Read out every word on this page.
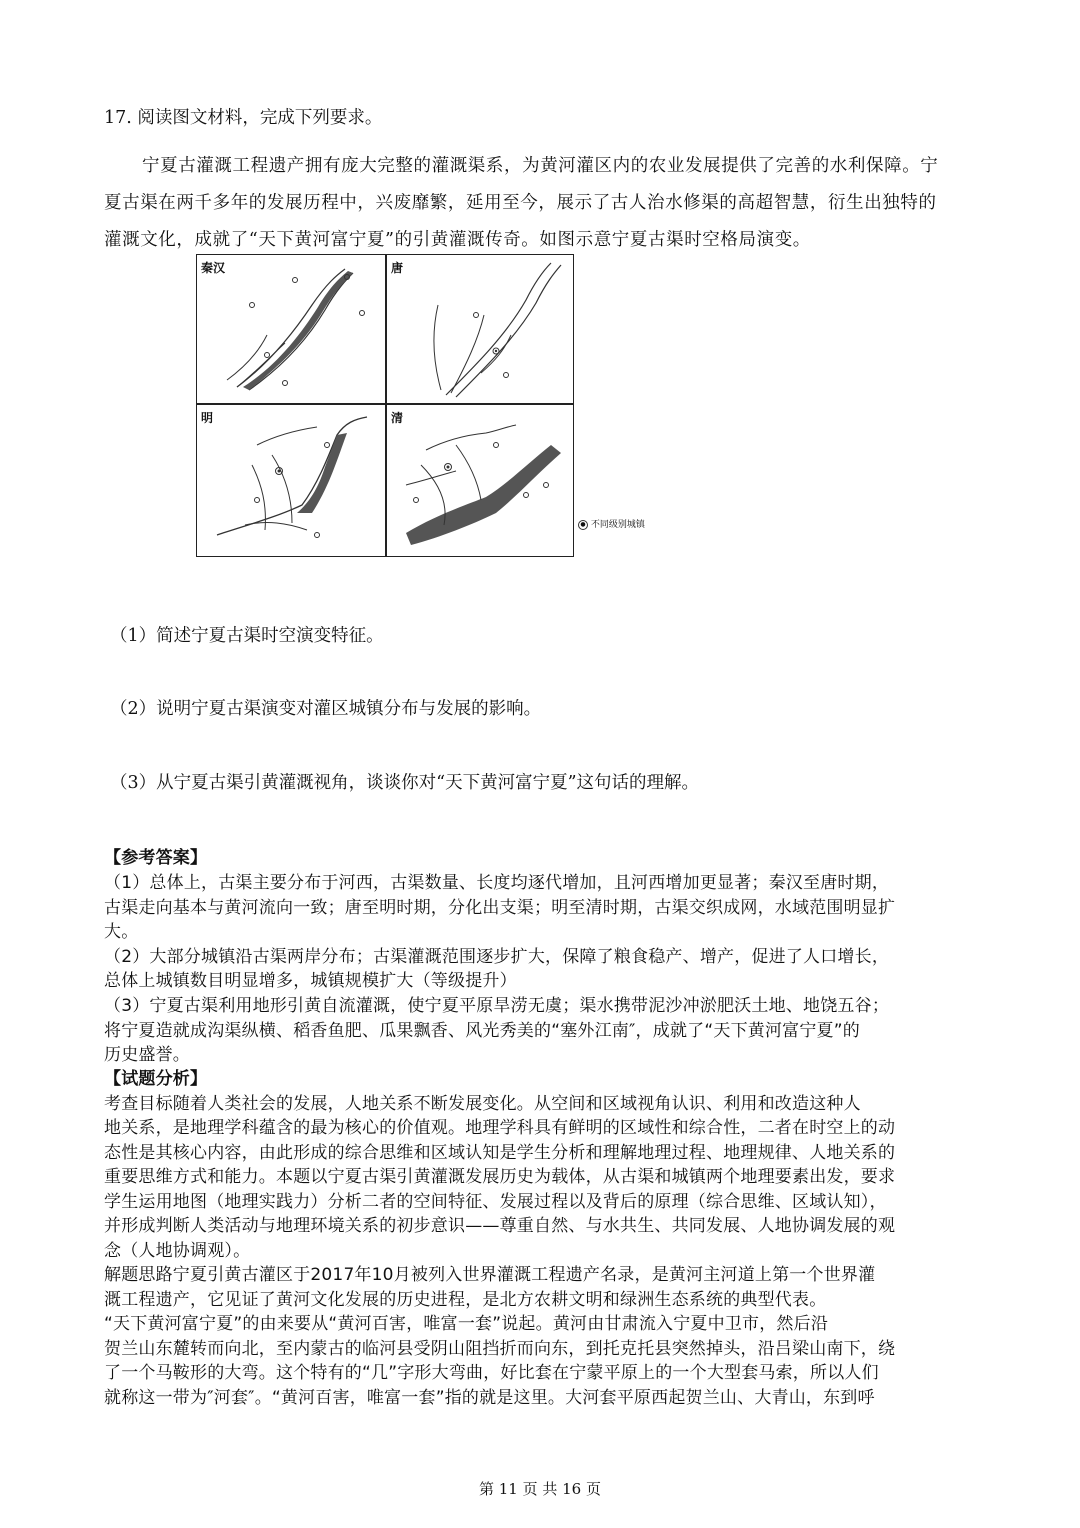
17. 阅读图文材料，完成下列要求。
宁夏古灌溉工程遗产拥有庞大完整的灌溉渠系，为黄河灌区内的农业发展提供了完善的水利保障。宁
夏古渠在两千多年的发展历程中，兴废靡繁，延用至今，展示了古人治水修渠的高超智慧，衍生出独特的
灌溉文化，成就了“天下黄河富宁夏”的引黄灌溉传奇。如图示意宁夏古渠时空格局演变。
秦汉	唐
明	清
● 不同级别城镇
（1）简述宁夏古渠时空演变特征。
（2）说明宁夏古渠演变对灌区城镇分布与发展的影响。
（3）从宁夏古渠引黄灌溉视角，谈谈你对“天下黄河富宁夏”这句话的理解。
【参考答案】
（1）总体上，古渠主要分布于河西，古渠数量、长度均逐代增加，且河西增加更显著；秦汉至唐时期，
古渠走向基本与黄河流向一致；唐至明时期，分化出支渠；明至清时期，古渠交织成网，水域范围明显扩
大。
（2）大部分城镇沿古渠两岸分布；古渠灌溉范围逐步扩大，保障了粮食稳产、增产，促进了人口增长，
总体上城镇数目明显增多，城镇规模扩大（等级提升）
（3）宁夏古渠利用地形引黄自流灌溉，使宁夏平原旱涝无虞；渠水携带泥沙冲淤肥沃土地、地饶五谷；
将宁夏造就成沟渠纵横、稻香鱼肥、瓜果飘香、风光秀美的“塞外江南″，成就了“天下黄河富宁夏”的
历史盛誉。
【试题分析】
考查目标随着人类社会的发展，人地关系不断发展变化。从空间和区域视角认识、利用和改造这种人
地关系，是地理学科蕴含的最为核心的价值观。地理学科具有鲜明的区域性和综合性，二者在时空上的动
态性是其核心内容，由此形成的综合思维和区域认知是学生分析和理解地理过程、地理规律、人地关系的
重要思维方式和能力。本题以宁夏古渠引黄灌溉发展历史为载体，从古渠和城镇两个地理要素出发，要求
学生运用地图（地理实践力）分析二者的空间特征、发展过程以及背后的原理（综合思维、区域认知），
并形成判断人类活动与地理环境关系的初步意识——尊重自然、与水共生、共同发展、人地协调发展的观
念（人地协调观）。
解题思路宁夏引黄古灌区于2017年10月被列入世界灌溉工程遗产名录，是黄河主河道上第一个世界灌
溉工程遗产，它见证了黄河文化发展的历史进程，是北方农耕文明和绿洲生态系统的典型代表。
“天下黄河富宁夏”的由来要从“黄河百害，唯富一套”说起。黄河由甘肃流入宁夏中卫市，然后沿
贺兰山东麓转而向北，至内蒙古的临河县受阴山阻挡折而向东，到托克托县突然掉头，沿吕梁山南下，绕
了一个马鞍形的大弯。这个特有的“几”字形大弯曲，好比套在宁蒙平原上的一个大型套马索，所以人们
就称这一带为″河套″。“黄河百害，唯富一套”指的就是这里。大河套平原西起贺兰山、大青山，东到呼
第 11 页 共 16 页
